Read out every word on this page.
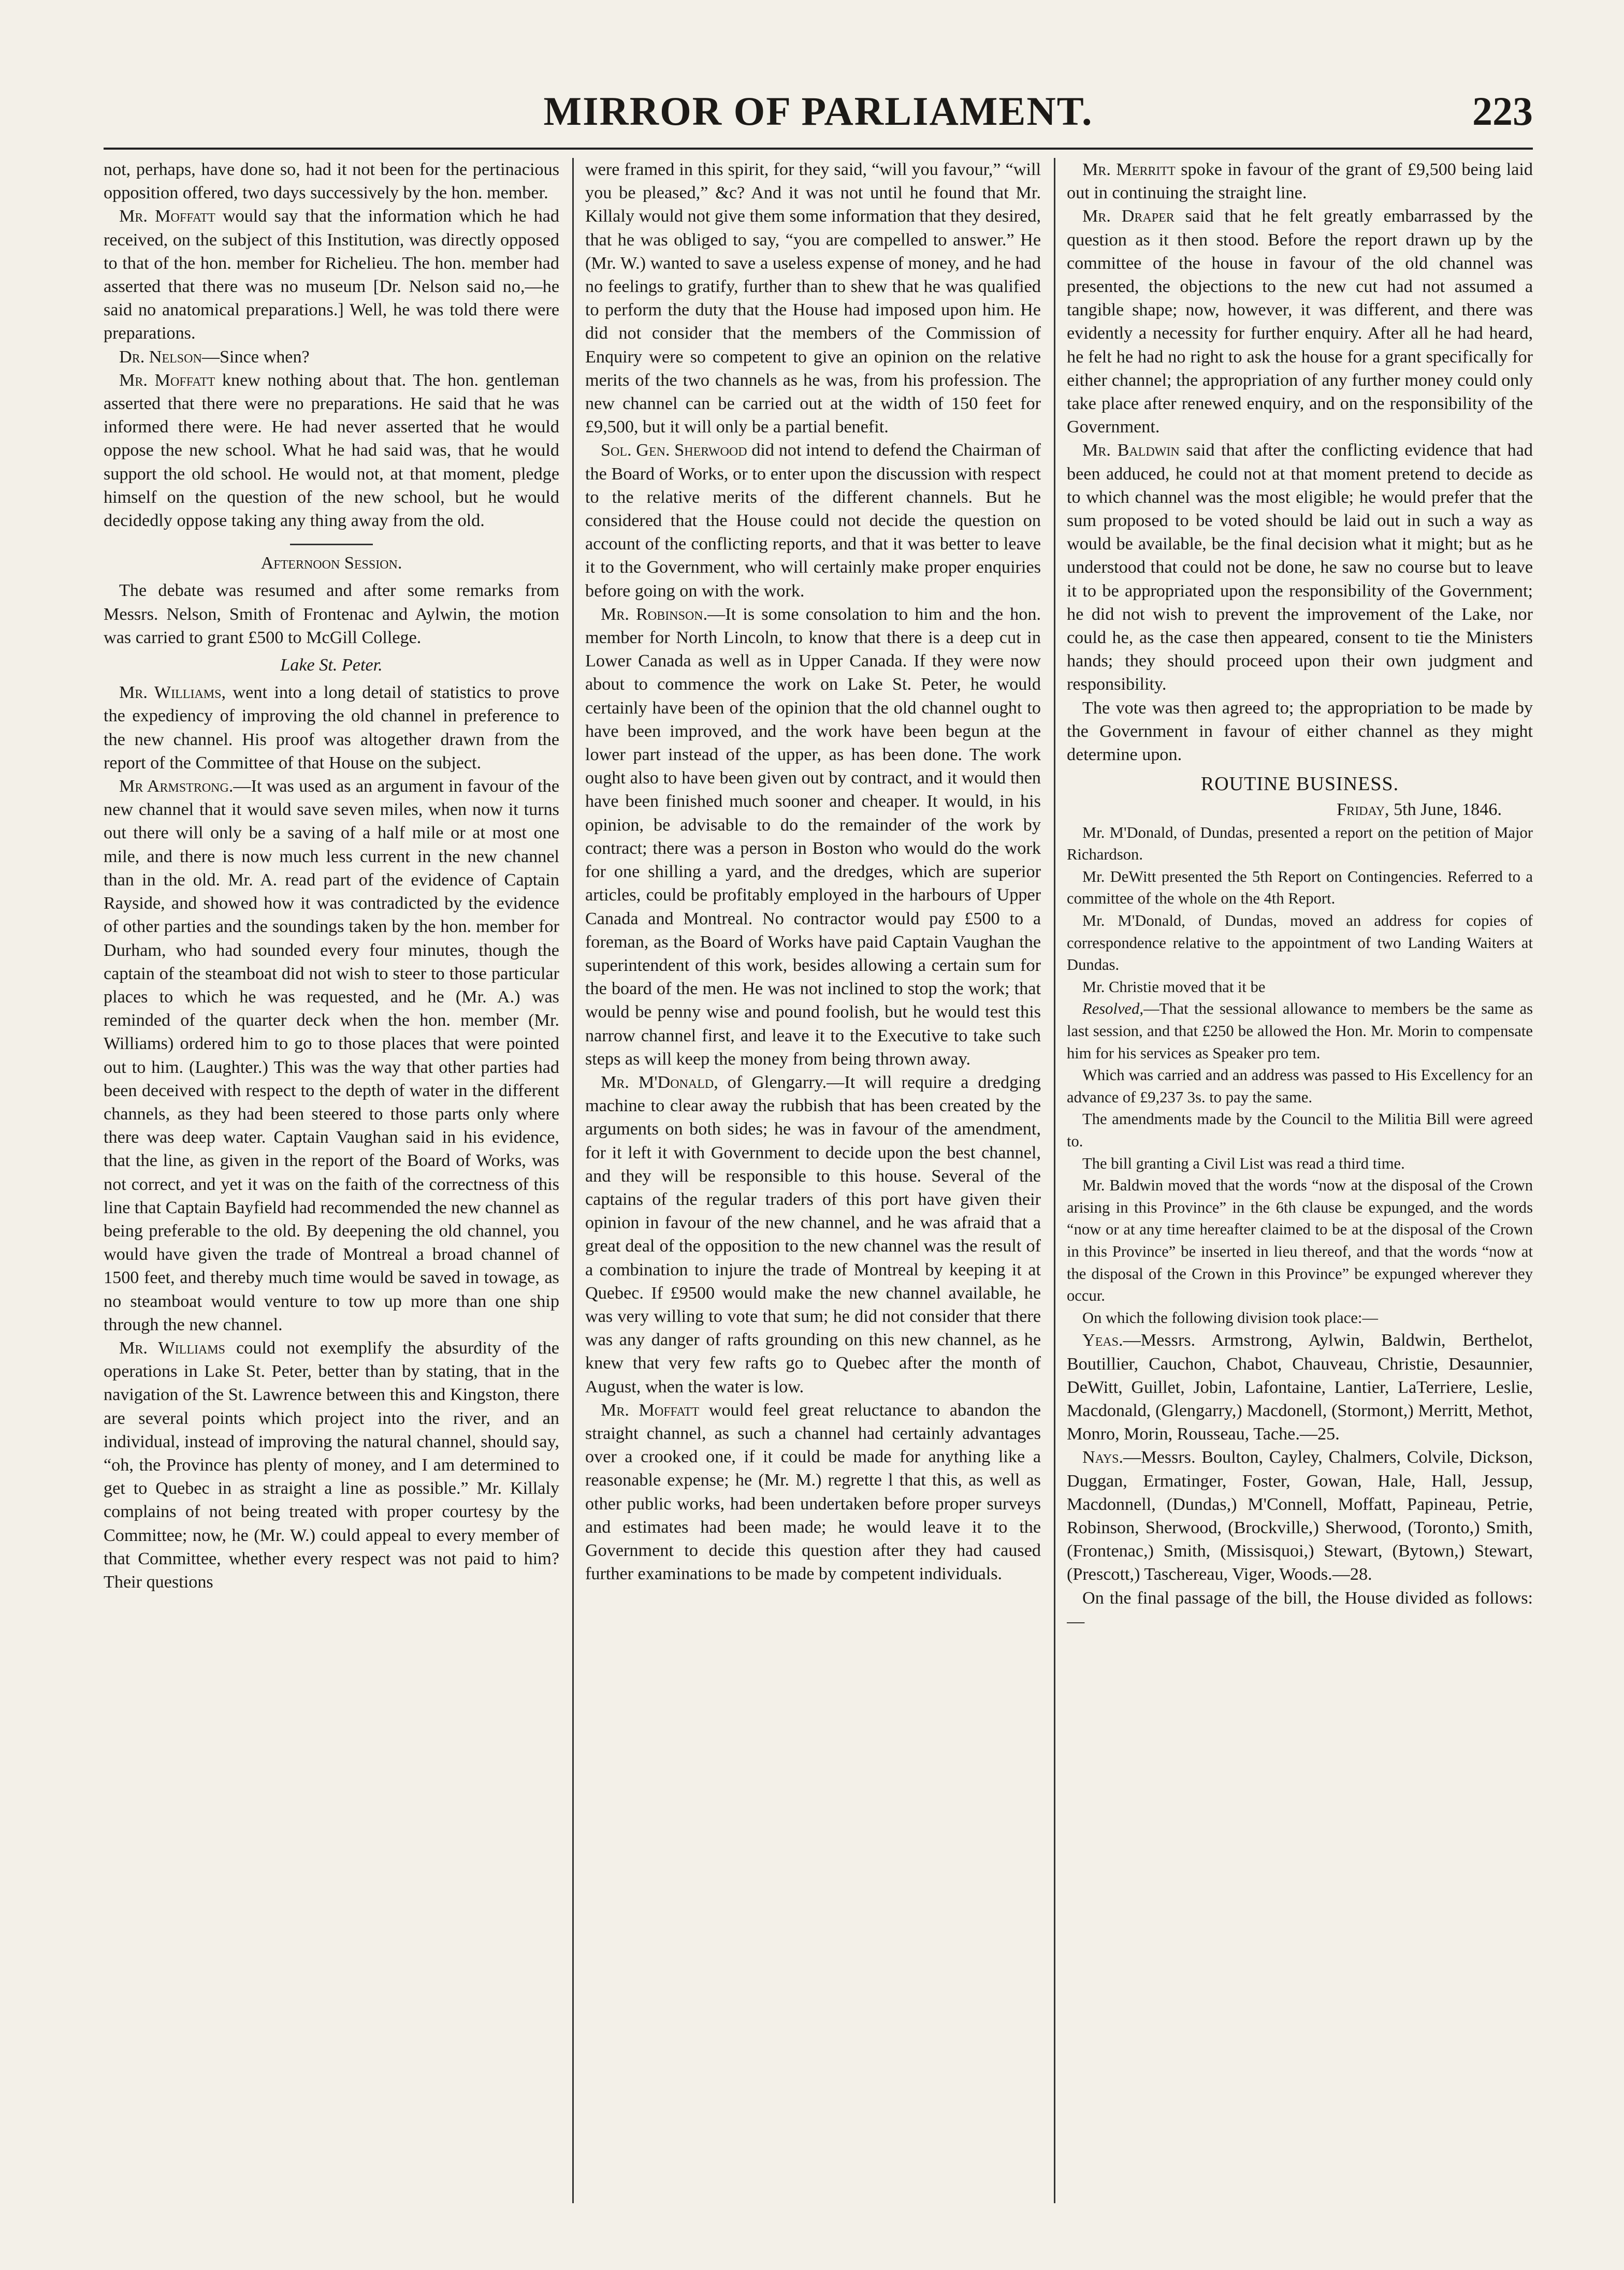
MIRROR OF PARLIAMENT.	223

not, perhaps, have done so, had it not been for the pertinacious opposition offered, two days successively by the hon. member.

Mr. Moffatt would say that the information which he had received, on the subject of this Institution, was directly opposed to that of the hon. member for Richelieu. The hon. member had asserted that there was no museum [Dr. Nelson said no,—he said no anatomical preparations.] Well, he was told there were preparations.

Dr. Nelson—Since when?

Mr. Moffatt knew nothing about that. The hon. gentleman asserted that there were no preparations. He said that he was informed there were. He had never asserted that he would oppose the new school. What he had said was, that he would support the old school. He would not, at that moment, pledge himself on the question of the new school, but he would decidedly oppose taking any thing away from the old.

Afternoon Session.

The debate was resumed and after some remarks from Messrs. Nelson, Smith of Frontenac and Aylwin, the motion was carried to grant £500 to McGill College.

Lake St. Peter.

Mr. Williams, went into a long detail of statistics to prove the expediency of improving the old channel in preference to the new channel. His proof was altogether drawn from the report of the Committee of that House on the subject.

Mr Armstrong.—It was used as an argument in favour of the new channel that it would save seven miles, when now it turns out there will only be a saving of a half mile or at most one mile, and there is now much less current in the new channel than in the old. Mr. A. read part of the evidence of Captain Rayside, and showed how it was contradicted by the evidence of other parties and the soundings taken by the hon. member for Durham, who had sounded every four minutes, though the captain of the steamboat did not wish to steer to those particular places to which he was requested, and he (Mr. A.) was reminded of the quarter deck when the hon. member (Mr. Williams) ordered him to go to those places that were pointed out to him. (Laughter.) This was the way that other parties had been deceived with respect to the depth of water in the different channels, as they had been steered to those parts only where there was deep water. Captain Vaughan said in his evidence, that the line, as given in the report of the Board of Works, was not correct, and yet it was on the faith of the correctness of this line that Captain Bayfield had recommended the new channel as being preferable to the old. By deepening the old channel, you would have given the trade of Montreal a broad channel of 1500 feet, and thereby much time would be saved in towage, as no steamboat would venture to tow up more than one ship through the new channel.

Mr. Williams could not exemplify the absurdity of the operations in Lake St. Peter, better than by stating, that in the navigation of the St. Lawrence between this and Kingston, there are several points which project into the river, and an individual, instead of improving the natural channel, should say, “oh, the Province has plenty of money, and I am determined to get to Quebec in as straight a line as possible.” Mr. Killaly complains of not being treated with proper courtesy by the Committee; now, he (Mr. W.) could appeal to every member of that Committee, whether every respect was not paid to him? Their questions

were framed in this spirit, for they said, “will you favour,” “will you be pleased,” &c? And it was not until he found that Mr. Killaly would not give them some information that they desired, that he was obliged to say, “you are compelled to answer.” He (Mr. W.) wanted to save a useless expense of money, and he had no feelings to gratify, further than to shew that he was qualified to perform the duty that the House had imposed upon him. He did not consider that the members of the Commission of Enquiry were so competent to give an opinion on the relative merits of the two channels as he was, from his profession. The new channel can be carried out at the width of 150 feet for £9,500, but it will only be a partial benefit.

Sol. Gen. Sherwood did not intend to defend the Chairman of the Board of Works, or to enter upon the discussion with respect to the relative merits of the different channels. But he considered that the House could not decide the question on account of the conflicting reports, and that it was better to leave it to the Government, who will certainly make proper enquiries before going on with the work.

Mr. Robinson.—It is some consolation to him and the hon. member for North Lincoln, to know that there is a deep cut in Lower Canada as well as in Upper Canada. If they were now about to commence the work on Lake St. Peter, he would certainly have been of the opinion that the old channel ought to have been improved, and the work have been begun at the lower part instead of the upper, as has been done. The work ought also to have been given out by contract, and it would then have been finished much sooner and cheaper. It would, in his opinion, be advisable to do the remainder of the work by contract; there was a person in Boston who would do the work for one shilling a yard, and the dredges, which are superior articles, could be profitably employed in the harbours of Upper Canada and Montreal. No contractor would pay £500 to a foreman, as the Board of Works have paid Captain Vaughan the superintendent of this work, besides allowing a certain sum for the board of the men. He was not inclined to stop the work; that would be penny wise and pound foolish, but he would test this narrow channel first, and leave it to the Executive to take such steps as will keep the money from being thrown away.

Mr. M'Donald, of Glengarry.—It will require a dredging machine to clear away the rubbish that has been created by the arguments on both sides; he was in favour of the amendment, for it left it with Government to decide upon the best channel, and they will be responsible to this house. Several of the captains of the regular traders of this port have given their opinion in favour of the new channel, and he was afraid that a great deal of the opposition to the new channel was the result of a combination to injure the trade of Montreal by keeping it at Quebec. If £9500 would make the new channel available, he was very willing to vote that sum; he did not consider that there was any danger of rafts grounding on this new channel, as he knew that very few rafts go to Quebec after the month of August, when the water is low.

Mr. Moffatt would feel great reluctance to abandon the straight channel, as such a channel had certainly advantages over a crooked one, if it could be made for anything like a reasonable expense; he (Mr. M.) regrette l that this, as well as other public works, had been undertaken before proper surveys and estimates had been made; he would leave it to the Government to decide this question after they had caused further examinations to be made by competent individuals.

Mr. Merritt spoke in favour of the grant of £9,500 being laid out in continuing the straight line.

Mr. Draper said that he felt greatly embarrassed by the question as it then stood. Before the report drawn up by the committee of the house in favour of the old channel was presented, the objections to the new cut had not assumed a tangible shape; now, however, it was different, and there was evidently a necessity for further enquiry. After all he had heard, he felt he had no right to ask the house for a grant specifically for either channel; the appropriation of any further money could only take place after renewed enquiry, and on the responsibility of the Government.

Mr. Baldwin said that after the conflicting evidence that had been adduced, he could not at that moment pretend to decide as to which channel was the most eligible; he would prefer that the sum proposed to be voted should be laid out in such a way as would be available, be the final decision what it might; but as he understood that could not be done, he saw no course but to leave it to be appropriated upon the responsibility of the Government; he did not wish to prevent the improvement of the Lake, nor could he, as the case then appeared, consent to tie the Ministers hands; they should proceed upon their own judgment and responsibility.

The vote was then agreed to; the appropriation to be made by the Government in favour of either channel as they might determine upon.

ROUTINE BUSINESS.

Friday, 5th June, 1846.

Mr. M'Donald, of Dundas, presented a report on the petition of Major Richardson.

Mr. DeWitt presented the 5th Report on Contingencies. Referred to a committee of the whole on the 4th Report.

Mr. M'Donald, of Dundas, moved an address for copies of correspondence relative to the appointment of two Landing Waiters at Dundas.

Mr. Christie moved that it be

Resolved,—That the sessional allowance to members be the same as last session, and that £250 be allowed the Hon. Mr. Morin to compensate him for his services as Speaker pro tem.

Which was carried and an address was passed to His Excellency for an advance of £9,237 3s. to pay the same.

The amendments made by the Council to the Militia Bill were agreed to.

The bill granting a Civil List was read a third time.

Mr. Baldwin moved that the words “now at the disposal of the Crown arising in this Province” in the 6th clause be expunged, and the words “now or at any time hereafter claimed to be at the disposal of the Crown in this Province” be inserted in lieu thereof, and that the words “now at the disposal of the Crown in this Province” be expunged wherever they occur.

On which the following division took place:—

Yeas.—Messrs. Armstrong, Aylwin, Baldwin, Berthelot, Boutillier, Cauchon, Chabot, Chauveau, Christie, Desaunnier, DeWitt, Guillet, Jobin, Lafontaine, Lantier, LaTerriere, Leslie, Macdonald, (Glengarry,) Macdonell, (Stormont,) Merritt, Methot, Monro, Morin, Rousseau, Tache.—25.

Nays.—Messrs. Boulton, Cayley, Chalmers, Colvile, Dickson, Duggan, Ermatinger, Foster, Gowan, Hale, Hall, Jessup, Macdonnell, (Dundas,) M'Connell, Moffatt, Papineau, Petrie, Robinson, Sherwood, (Brockville,) Sherwood, (Toronto,) Smith, (Frontenac,) Smith, (Missisquoi,) Stewart, (Bytown,) Stewart, (Prescott,) Taschereau, Viger, Woods.—28.

On the final passage of the bill, the House divided as follows:—
